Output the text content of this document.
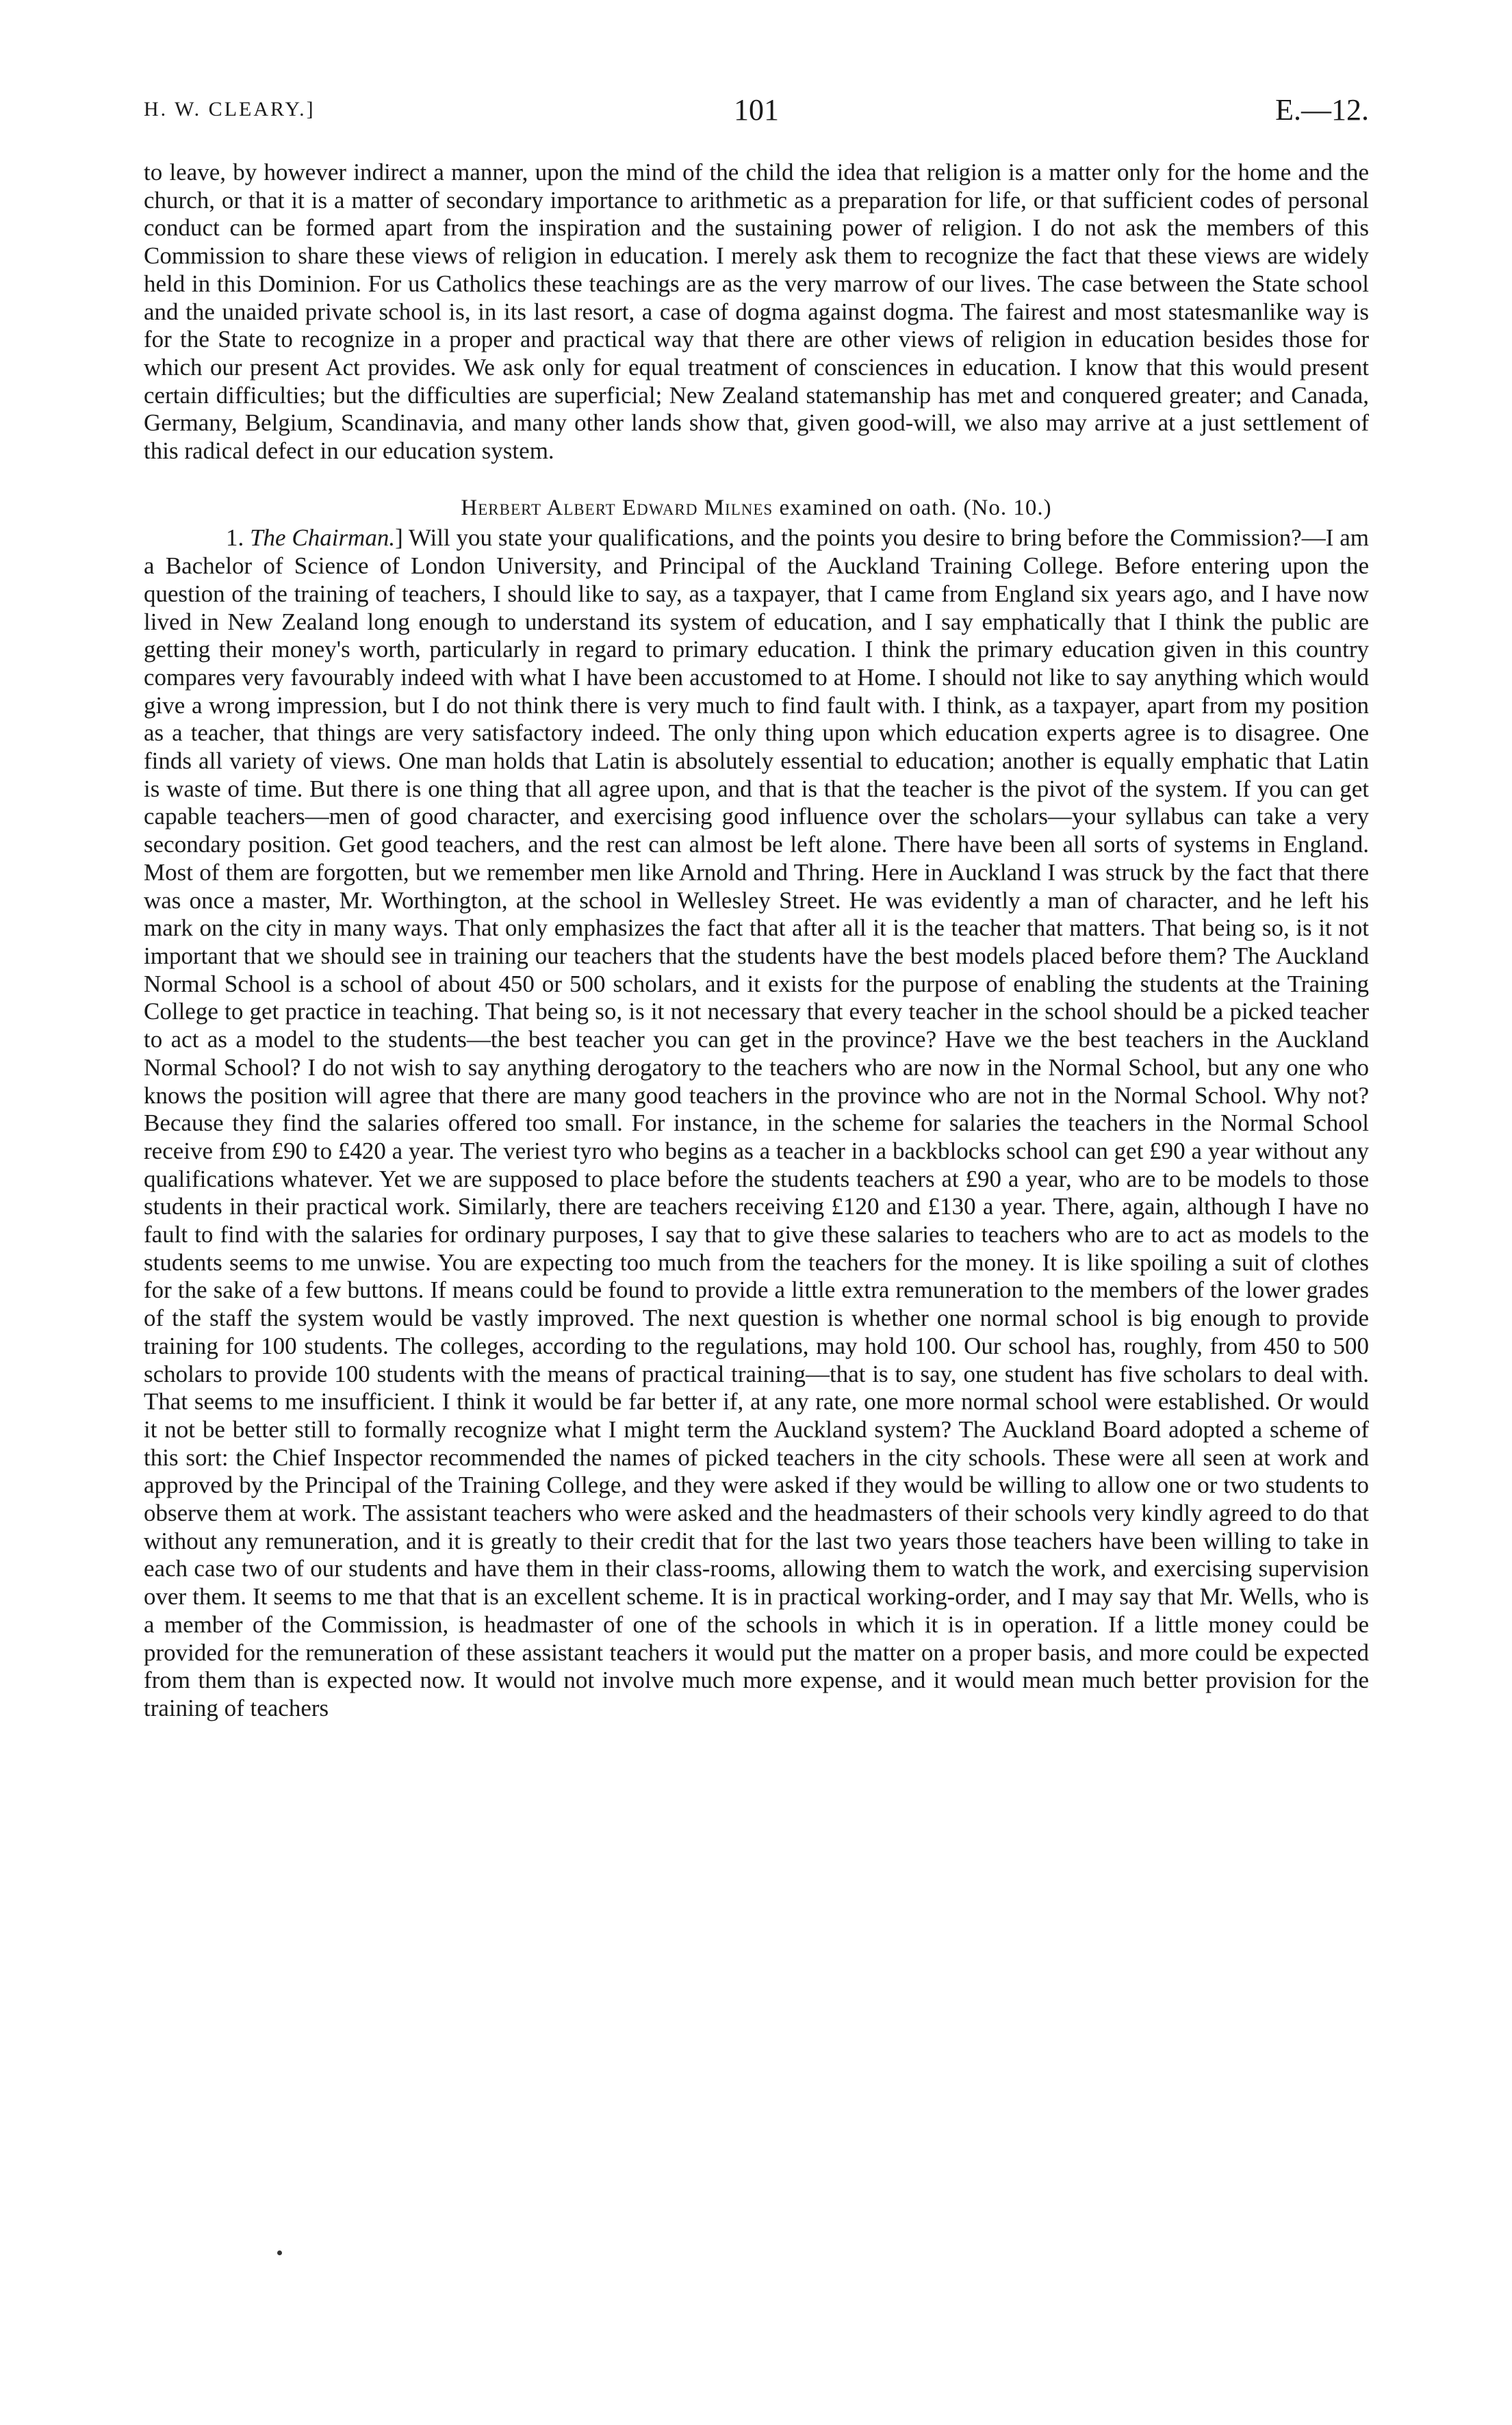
H. W. CLEARY.]	101	E.—12.

to leave, by however indirect a manner, upon the mind of the child the idea that religion is a matter only for the home and the church, or that it is a matter of secondary importance to arithmetic as a preparation for life, or that sufficient codes of personal conduct can be formed apart from the inspiration and the sustaining power of religion. I do not ask the members of this Commission to share these views of religion in education. I merely ask them to recognize the fact that these views are widely held in this Dominion. For us Catholics these teachings are as the very marrow of our lives. The case between the State school and the unaided private school is, in its last resort, a case of dogma against dogma. The fairest and most statesmanlike way is for the State to recognize in a proper and practical way that there are other views of religion in education besides those for which our present Act provides. We ask only for equal treatment of consciences in education. I know that this would present certain difficulties; but the difficulties are superficial; New Zealand statemanship has met and conquered greater; and Canada, Germany, Belgium, Scandinavia, and many other lands show that, given good-will, we also may arrive at a just settlement of this radical defect in our education system.

Herbert Albert Edward Milnes examined on oath. (No. 10.)

1. The Chairman.] Will you state your qualifications, and the points you desire to bring before the Commission?—I am a Bachelor of Science of London University, and Principal of the Auckland Training College. Before entering upon the question of the training of teachers, I should like to say, as a taxpayer, that I came from England six years ago, and I have now lived in New Zealand long enough to understand its system of education, and I say emphatically that I think the public are getting their money's worth, particularly in regard to primary education. I think the primary education given in this country compares very favourably indeed with what I have been accustomed to at Home. I should not like to say anything which would give a wrong impression, but I do not think there is very much to find fault with. I think, as a taxpayer, apart from my position as a teacher, that things are very satisfactory indeed. The only thing upon which education experts agree is to disagree. One finds all variety of views. One man holds that Latin is absolutely essential to education; another is equally emphatic that Latin is waste of time. But there is one thing that all agree upon, and that is that the teacher is the pivot of the system. If you can get capable teachers—men of good character, and exercising good influence over the scholars—your syllabus can take a very secondary position. Get good teachers, and the rest can almost be left alone. There have been all sorts of systems in England. Most of them are forgotten, but we remember men like Arnold and Thring. Here in Auckland I was struck by the fact that there was once a master, Mr. Worthington, at the school in Wellesley Street. He was evidently a man of character, and he left his mark on the city in many ways. That only emphasizes the fact that after all it is the teacher that matters. That being so, is it not important that we should see in training our teachers that the students have the best models placed before them? The Auckland Normal School is a school of about 450 or 500 scholars, and it exists for the purpose of enabling the students at the Training College to get practice in teaching. That being so, is it not necessary that every teacher in the school should be a picked teacher to act as a model to the students—the best teacher you can get in the province? Have we the best teachers in the Auckland Normal School? I do not wish to say anything derogatory to the teachers who are now in the Normal School, but any one who knows the position will agree that there are many good teachers in the province who are not in the Normal School. Why not? Because they find the salaries offered too small. For instance, in the scheme for salaries the teachers in the Normal School receive from £90 to £420 a year. The veriest tyro who begins as a teacher in a backblocks school can get £90 a year without any qualifications whatever. Yet we are supposed to place before the students teachers at £90 a year, who are to be models to those students in their practical work. Similarly, there are teachers receiving £120 and £130 a year. There, again, although I have no fault to find with the salaries for ordinary purposes, I say that to give these salaries to teachers who are to act as models to the students seems to me unwise. You are expecting too much from the teachers for the money. It is like spoiling a suit of clothes for the sake of a few buttons. If means could be found to provide a little extra remuneration to the members of the lower grades of the staff the system would be vastly improved. The next question is whether one normal school is big enough to provide training for 100 students. The colleges, according to the regulations, may hold 100. Our school has, roughly, from 450 to 500 scholars to provide 100 students with the means of practical training—that is to say, one student has five scholars to deal with. That seems to me insufficient. I think it would be far better if, at any rate, one more normal school were established. Or would it not be better still to formally recognize what I might term the Auckland system? The Auckland Board adopted a scheme of this sort: the Chief Inspector recommended the names of picked teachers in the city schools. These were all seen at work and approved by the Principal of the Training College, and they were asked if they would be willing to allow one or two students to observe them at work. The assistant teachers who were asked and the headmasters of their schools very kindly agreed to do that without any remuneration, and it is greatly to their credit that for the last two years those teachers have been willing to take in each case two of our students and have them in their class-rooms, allowing them to watch the work, and exercising supervision over them. It seems to me that that is an excellent scheme. It is in practical working-order, and I may say that Mr. Wells, who is a member of the Commission, is headmaster of one of the schools in which it is in operation. If a little money could be provided for the remuneration of these assistant teachers it would put the matter on a proper basis, and more could be expected from them than is expected now. It would not involve much more expense, and it would mean much better provision for the training of teachers
